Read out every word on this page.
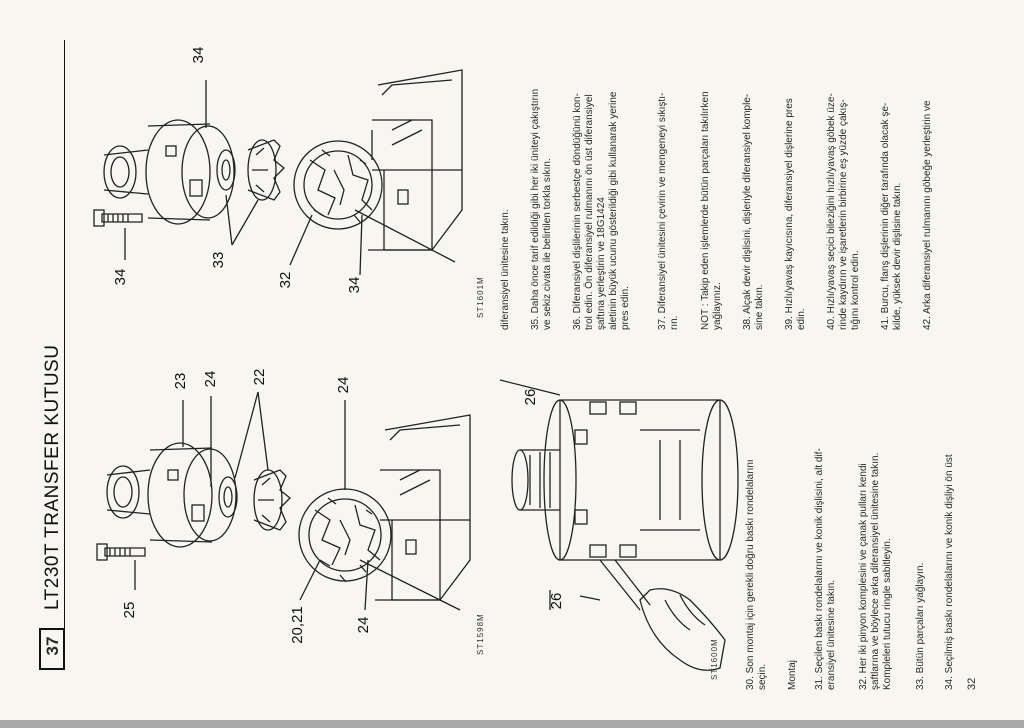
37
LT230T TRANSFER KUTUSU	25
23 24 22
20,21
24
24	ST1598M
34
34
33
32	34	ST1601M
26
26
ST1600M
30. Son montaj için gerekli doğru baskı rondelalarını
seçin. Montaj 31. Seçilen baskı rondelalarını ve konik dişlisini, alt dif-
eransiyel ünitesine takın.
32. Her iki pinyon komplesini ve çanak pulları kendi
şaftlarına ve böylece arka diferansiyel ünitesine takın.
Kompleleri tutucu ringle sabitleyin.
33. Bütün parçaları yağlayın. 34. Seçilmiş baskı rondelalarını ve konik dişliyi ön üst
diferansiyel ünitesine takın. 35. Daha önce tarif edildiği gibi her iki üniteyi çakıştırın
ve sekiz civata ile belirtilen torkla sıkın.
36. Diferansiyel dişlilerinin serbestçe döndüğünü kon-
trol edin. Ön diferansiyel rulmanını ön üst diferansiyel
şaftına yerleştirin ve 18G1424
aletinin büyük ucunu gösterildiği gibi kullanarak yerine
pres edin.
37. Diferansiyel ünitesini çevirin ve mengeneyi sıkıştı-
rın. NOT : Takip eden işlemlerde bütün parçaları takılırken
yağlayınız. 38. Alçak devir dişlisini, dişleriyle diferansiyel komple-
sine takın.
39. Hızlı/yavaş kayıcısına, diferansiyel dişlerine pres
edin. 40. Hızlı/yavaş seçici bileziğini hızlı/yavaş göbek üze-
rinde kaydırın ve işaretlerin birbirine eş yüzde çakış-
tığını kontrol edin.
41. Burcu, flanş dişlerinin diğer tarafında olacak şe-
kilde, yüksek devir dişlisine takın. 42. Arka diferansiyel rulmanını göbeğe yerleştirin ve
32
